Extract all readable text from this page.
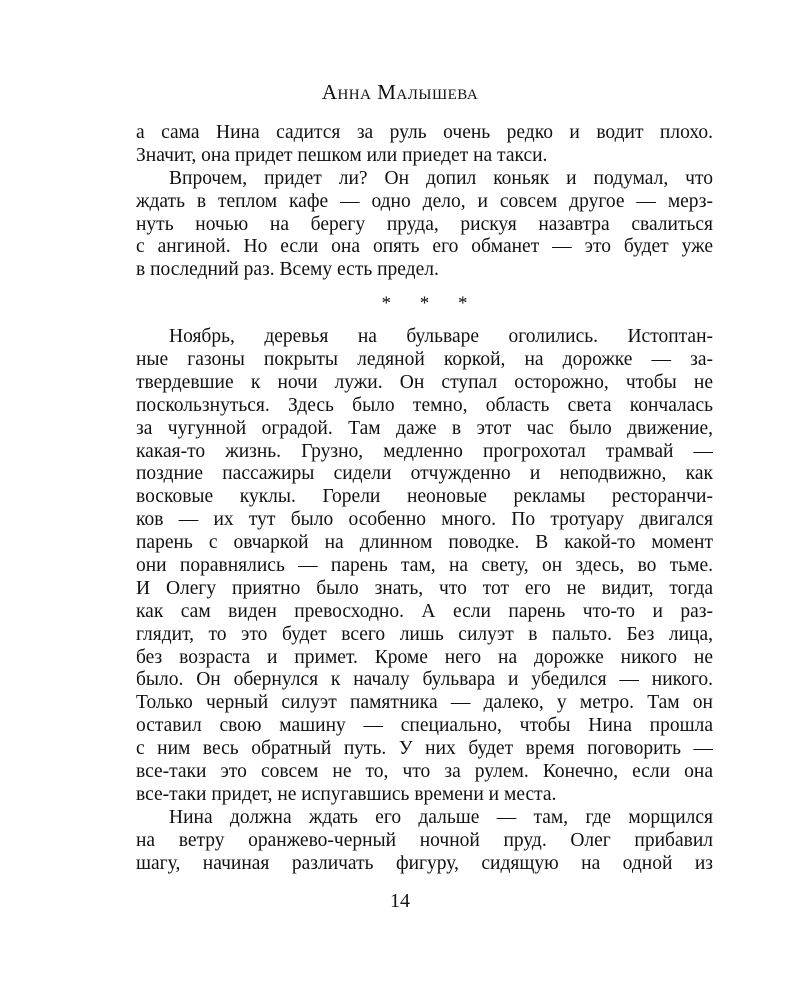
Анна Малышева
а сама Нина садится за руль очень редко и водит плохо.
Значит, она придет пешком или приедет на такси.
Впрочем, придет ли? Он допил коньяк и подумал, что
ждать в теплом кафе — одно дело, и совсем другое — мерз-
нуть ночью на берегу пруда, рискуя назавтра свалиться
с ангиной. Но если она опять его обманет — это будет уже
в последний раз. Всему есть предел.
* * *
Ноябрь, деревья на бульваре оголились. Истоптан-
ные газоны покрыты ледяной коркой, на дорожке — за-
твердевшие к ночи лужи. Он ступал осторожно, чтобы не
поскользнуться. Здесь было темно, область света кончалась
за чугунной оградой. Там даже в этот час было движение,
какая-то жизнь. Грузно, медленно прогрохотал трамвай —
поздние пассажиры сидели отчужденно и неподвижно, как
восковые куклы. Горели неоновые рекламы ресторанчи-
ков — их тут было особенно много. По тротуару двигался
парень с овчаркой на длинном поводке. В какой-то момент
они поравнялись — парень там, на свету, он здесь, во тьме.
И Олегу приятно было знать, что тот его не видит, тогда
как сам виден превосходно. А если парень что-то и раз-
глядит, то это будет всего лишь силуэт в пальто. Без лица,
без возраста и примет. Кроме него на дорожке никого не
было. Он обернулся к началу бульвара и убедился — никого.
Только черный силуэт памятника — далеко, у метро. Там он
оставил свою машину — специально, чтобы Нина прошла
с ним весь обратный путь. У них будет время поговорить —
все-таки это совсем не то, что за рулем. Конечно, если она
все-таки придет, не испугавшись времени и места.
Нина должна ждать его дальше — там, где морщился
на ветру оранжево-черный ночной пруд. Олег прибавил
шагу, начиная различать фигуру, сидящую на одной из
14
